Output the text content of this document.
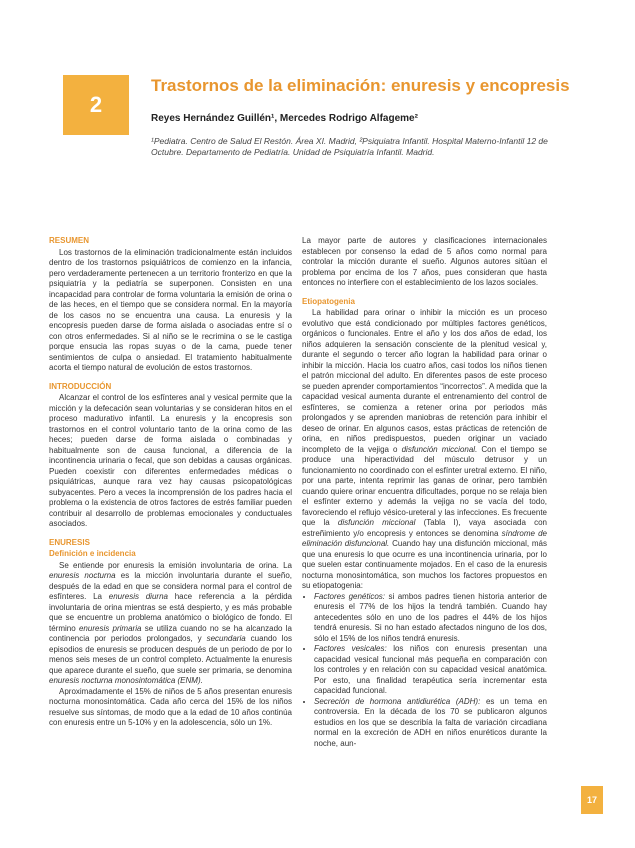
2
Trastornos de la eliminación: enuresis y encopresis
Reyes Hernández Guillén¹, Mercedes Rodrigo Alfageme²
¹Pediatra. Centro de Salud El Restón. Área XI. Madrid, ²Psiquiatra Infantil. Hospital Materno-Infantil 12 de Octubre. Departamento de Pediatría. Unidad de Psiquiatría Infantil. Madrid.
RESUMEN

Los trastornos de la eliminación tradicionalmente están incluidos dentro de los trastornos psiquiátricos de comienzo en la infancia, pero verdaderamente pertenecen a un territorio fronterizo en que la psiquiatría y la pediatría se superponen. Consisten en una incapacidad para controlar de forma voluntaria la emisión de orina o de las heces, en el tiempo que se considera normal. En la mayoría de los casos no se encuentra una causa. La enuresis y la encopresis pueden darse de forma aislada o asociadas entre sí o con otros enfermedades. Si al niño se le recrimina o se le castiga porque ensucia las ropas suyas o de la cama, puede tener sentimientos de culpa o ansiedad. El tratamiento habitualmente acorta el tiempo natural de evolución de estos trastornos.

INTRODUCCIÓN

Alcanzar el control de los esfínteres anal y vesical permite que la micción y la defecación sean voluntarias y se consideran hitos en el proceso madurativo infantil. La enuresis y la encopresis son trastornos en el control voluntario tanto de la orina como de las heces; pueden darse de forma aislada o combinadas y habitualmente son de causa funcional, a diferencia de la incontinencia urinaria o fecal, que son debidas a causas orgánicas. Pueden coexistir con diferentes enfermedades médicas o psiquiátricas, aunque rara vez hay causas psicopatológicas subyacentes. Pero a veces la incomprensión de los padres hacia el problema o la existencia de otros factores de estrés familiar pueden contribuir al desarrollo de problemas emocionales y conductuales asociados.

ENURESIS
Definición e incidencia

Se entiende por enuresis la emisión involuntaria de orina. La enuresis nocturna es la micción involuntaria durante el sueño, después de la edad en que se considera normal para el control de esfínteres. La enuresis diurna hace referencia a la pérdida involuntaria de orina mientras se está despierto, y es más probable que se encuentre un problema anatómico o biológico de fondo. El término enuresis primaria se utiliza cuando no se ha alcanzado la continencia por periodos prolongados, y secundaria cuando los episodios de enuresis se producen después de un periodo de por lo menos seis meses de un control completo. Actualmente la enuresis que aparece durante el sueño, que suele ser primaria, se denomina enuresis nocturna monosintomática (ENM).

Aproximadamente el 15% de niños de 5 años presentan enuresis nocturna monosintomática. Cada año cerca del 15% de los niños resuelve sus síntomas, de modo que a la edad de 10 años continúa con enuresis entre un 5-10% y en la adolescencia, sólo un 1%.

La mayor parte de autores y clasificaciones internacionales establecen por consenso la edad de 5 años como normal para controlar la micción durante el sueño. Algunos autores sitúan el problema por encima de los 7 años, pues consideran que hasta entonces no interfiere con el establecimiento de los lazos sociales.

Etiopatogenia

La habilidad para orinar o inhibir la micción es un proceso evolutivo que está condicionado por múltiples factores genéticos, orgánicos o funcionales. Entre el año y los dos años de edad, los niños adquieren la sensación consciente de la plenitud vesical y, durante el segundo o tercer año logran la habilidad para orinar o inhibir la micción. Hacia los cuatro años, casi todos los niños tienen el patrón miccional del adulto. En diferentes pasos de este proceso se pueden aprender comportamientos “incorrectos”. A medida que la capacidad vesical aumenta durante el entrenamiento del control de esfínteres, se comienza a retener orina por periodos más prolongados y se aprenden maniobras de retención para inhibir el deseo de orinar. En algunos casos, estas prácticas de retención de orina, en niños predispuestos, pueden originar un vaciado incompleto de la vejiga o disfunción miccional. Con el tiempo se produce una hiperactividad del músculo detrusor y un funcionamiento no coordinado con el esfínter uretral externo. El niño, por una parte, intenta reprimir las ganas de orinar, pero también cuando quiere orinar encuentra dificultades, porque no se relaja bien el esfínter externo y además la vejiga no se vacía del todo, favoreciendo el reflujo vésico-ureteral y las infecciones. Es frecuente que la disfunción miccional (Tabla I), vaya asociada con estreñimiento y/o encopresis y entonces se denomina síndrome de eliminación disfuncional. Cuando hay una disfunción miccional, más que una enuresis lo que ocurre es una incontinencia urinaria, por lo que suelen estar continuamente mojados. En el caso de la enuresis nocturna monosintomática, son muchos los factores propuestos en su etiopatogenia:

• Factores genéticos: si ambos padres tienen historia anterior de enuresis el 77% de los hijos la tendrá también. Cuando hay antecedentes sólo en uno de los padres el 44% de los hijos tendrá enuresis. Si no han estado afectados ninguno de los dos, sólo el 15% de los niños tendrá enuresis.
• Factores vesicales: los niños con enuresis presentan una capacidad vesical funcional más pequeña en comparación con los controles y en relación con su capacidad vesical anatómica. Por esto, una finalidad terapéutica sería incrementar esta capacidad funcional.
• Secreción de hormona antidiurética (ADH): es un tema en controversia. En la década de los 70 se publicaron algunos estudios en los que se describía la falta de variación circadiana normal en la excreción de ADH en niños enuréticos durante la noche, aun-
17
